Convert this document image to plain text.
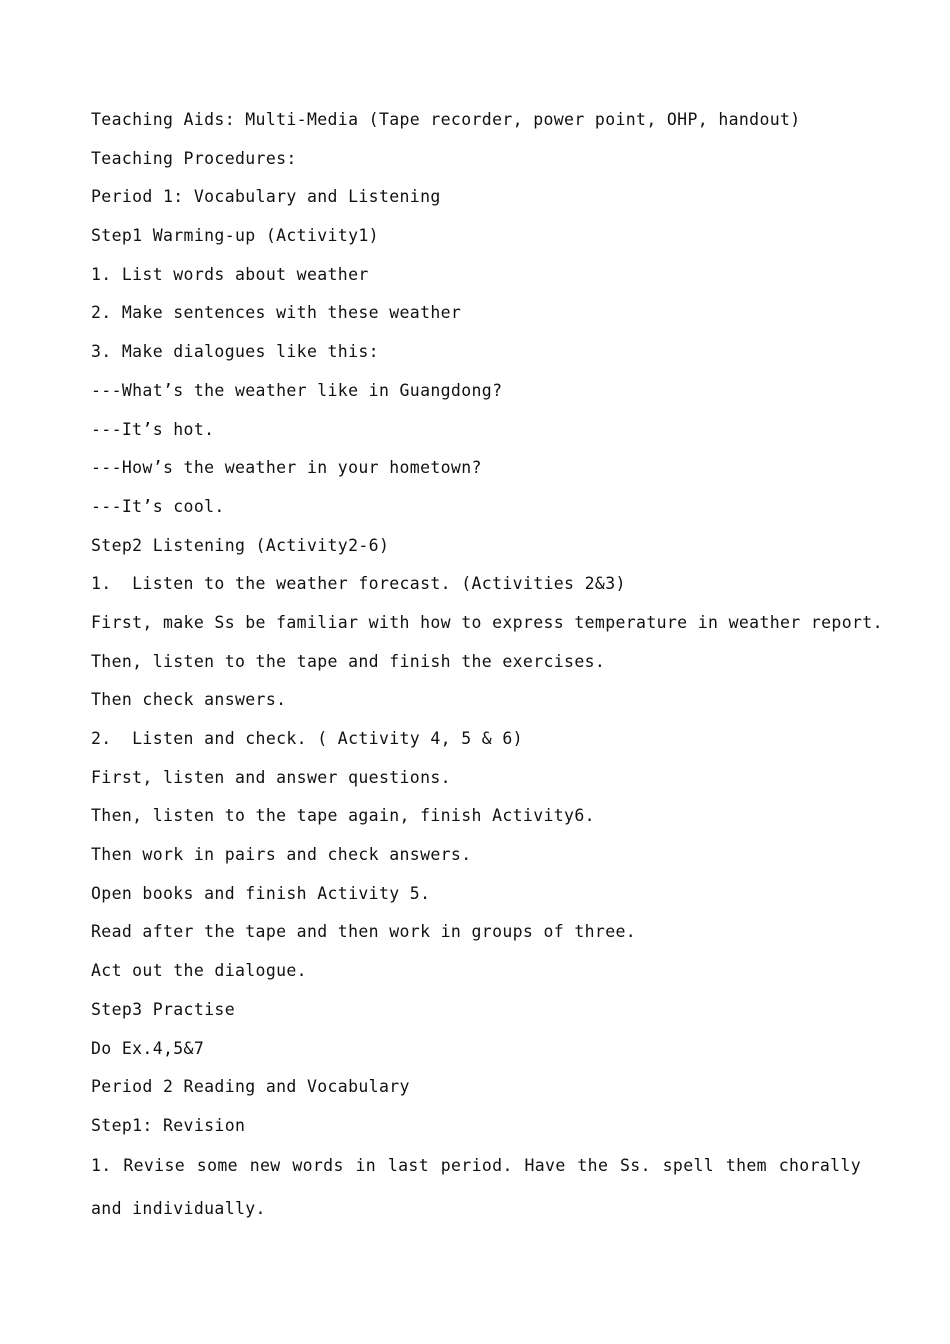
Teaching Aids: Multi-Media (Tape recorder, power point, OHP, handout)
Teaching Procedures:
Period 1: Vocabulary and Listening
Step1 Warming-up (Activity1)
1. List words about weather
2. Make sentences with these weather
3. Make dialogues like this:
---What’s the weather like in Guangdong?
---It’s hot.
---How’s the weather in your hometown?
---It’s cool.
Step2 Listening (Activity2-6)
1.  Listen to the weather forecast. (Activities 2&3)
First, make Ss be familiar with how to express temperature in weather report.
Then, listen to the tape and finish the exercises.
Then check answers.
2.  Listen and check. ( Activity 4, 5 & 6)
First, listen and answer questions.
Then, listen to the tape again, finish Activity6.
Then work in pairs and check answers.
Open books and finish Activity 5.
Read after the tape and then work in groups of three.
Act out the dialogue.
Step3 Practise
Do Ex.4,5&7
Period 2 Reading and Vocabulary
Step1: Revision
1. Revise some new words in last period. Have the Ss. spell them chorally and individually.
